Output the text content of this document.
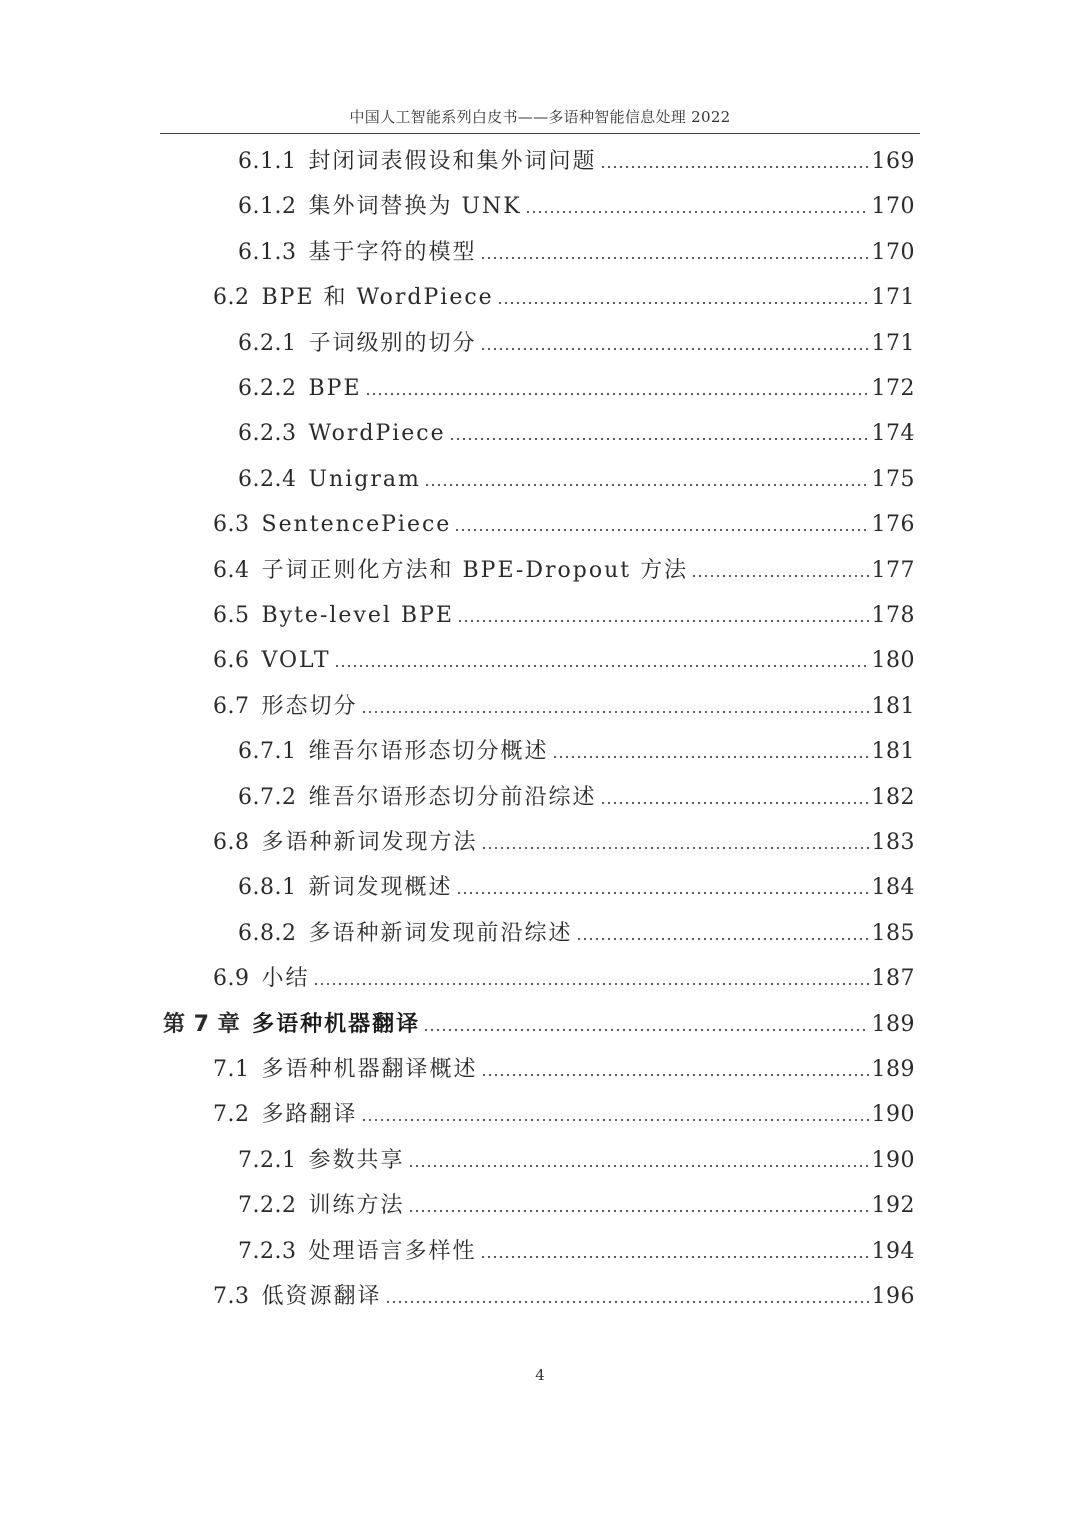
中国人工智能系列白皮书——多语种智能信息处理 2022
6.1.1 封闭词表假设和集外词问题	169
6.1.2 集外词替换为 UNK	170
6.1.3 基于字符的模型	170
6.2 BPE 和 WordPiece	171
6.2.1 子词级别的切分	171
6.2.2 BPE	172
6.2.3 WordPiece	174
6.2.4 Unigram	175
6.3 SentencePiece	176
6.4 子词正则化方法和 BPE-Dropout 方法	177
6.5 Byte-level BPE	178
6.6 VOLT	180
6.7 形态切分	181
6.7.1 维吾尔语形态切分概述	181
6.7.2 维吾尔语形态切分前沿综述	182
6.8 多语种新词发现方法	183
6.8.1 新词发现概述	184
6.8.2 多语种新词发现前沿综述	185
6.9 小结	187
第 7 章 多语种机器翻译	189
7.1 多语种机器翻译概述	189
7.2 多路翻译	190
7.2.1 参数共享	190
7.2.2 训练方法	192
7.2.3 处理语言多样性	194
7.3 低资源翻译	196
4
